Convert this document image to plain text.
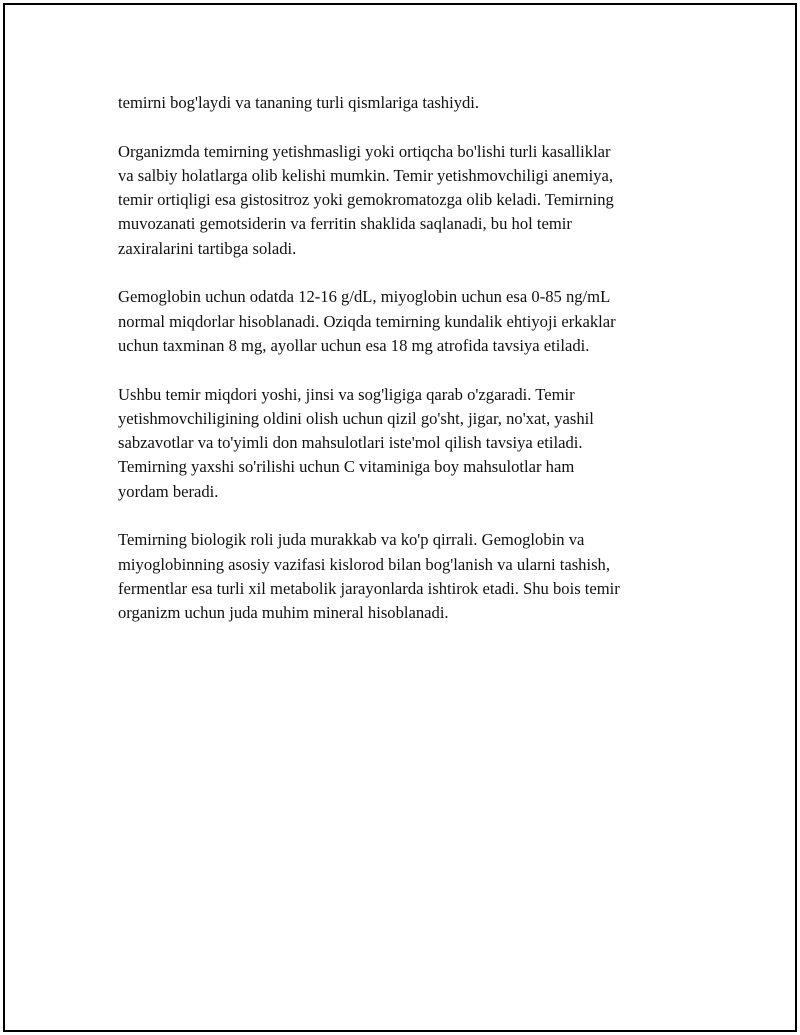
temirni bog'laydi va tananing turli qismlariga tashiydi.

Organizmda temirning yetishmasligi yoki ortiqcha bo'lishi turli kasalliklar
va salbiy holatlarga olib kelishi mumkin. Temir yetishmovchiligi anemiya,
temir ortiqligi esa gistositroz yoki gemokromatozga olib keladi. Temirning
muvozanati gemotsiderin va ferritin shaklida saqlanadi, bu hol temir
zaxiralarini tartibga soladi.

Gemoglobin uchun odatda 12-16 g/dL, miyoglobin uchun esa 0-85 ng/mL
normal miqdorlar hisoblanadi. Oziqda temirning kundalik ehtiyoji erkaklar
uchun taxminan 8 mg, ayollar uchun esa 18 mg atrofida tavsiya etiladi.

Ushbu temir miqdori yoshi, jinsi va sog'ligiga qarab o'zgaradi. Temir
yetishmovchiligining oldini olish uchun qizil go'sht, jigar, no'xat, yashil
sabzavotlar va to'yimli don mahsulotlari iste'mol qilish tavsiya etiladi.
Temirning yaxshi so'rilishi uchun C vitaminiga boy mahsulotlar ham
yordam beradi.

Temirning biologik roli juda murakkab va ko'p qirrali. Gemoglobin va
miyoglobinning asosiy vazifasi kislorod bilan bog'lanish va ularni tashish,
fermentlar esa turli xil metabolik jarayonlarda ishtirok etadi. Shu bois temir
organizm uchun juda muhim mineral hisoblanadi.
